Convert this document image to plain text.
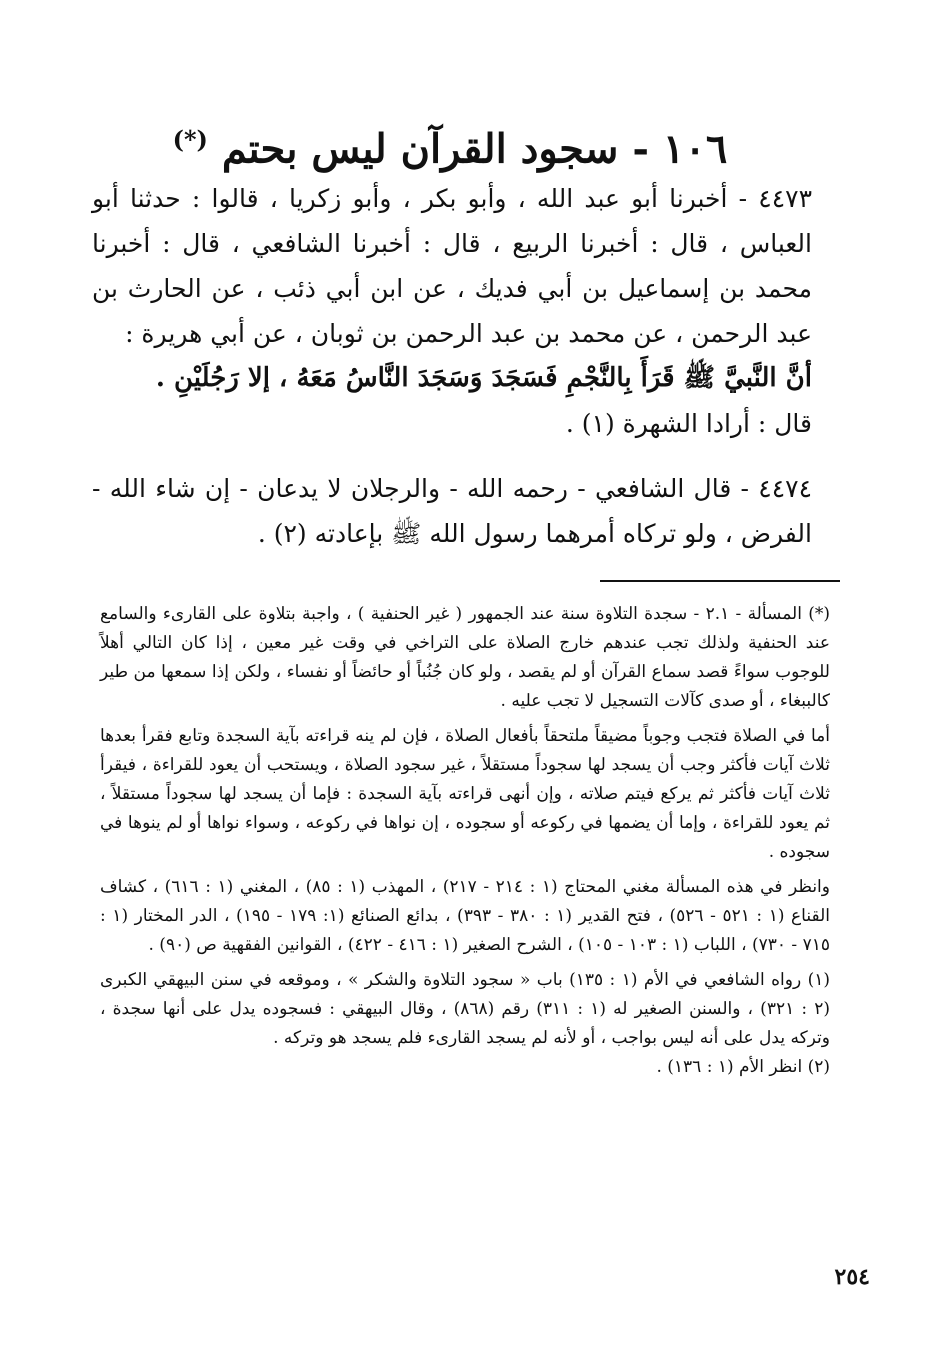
١٠٦ - سجود القرآن ليس بحتم (*)

٤٤٧٣ - أخبرنا أبو عبد الله ، وأبو بكر ، وأبو زكريا ، قالوا : حدثنا أبو العباس ، قال : أخبرنا الربيع ، قال : أخبرنا الشافعي ، قال : أخبرنا محمد بن إسماعيل بن أبي فديك ، عن ابن أبي ذئب ، عن الحارث بن عبد الرحمن ، عن محمد بن عبد الرحمن بن ثوبان ، عن أبي هريرة :

أنَّ النَّبيَّ ﷺ قَرَأَ بِالنَّجْمِ فَسَجَدَ وَسَجَدَ النَّاسُ مَعَهُ ، إلا رَجُلَيْنِ .

قال : أرادا الشهرة (١) .

٤٤٧٤ - قال الشافعي - رحمه الله - والرجلان لا يدعان - إن شاء الله - الفرض ، ولو تركاه أمرهما رسول الله ﷺ بإعادته (٢) .

(*) المسألة - ٢.١ - سجدة التلاوة سنة عند الجمهور ( غير الحنفية ) ، واجبة بتلاوة على القارىء والسامع عند الحنفية ولذلك تجب عندهم خارج الصلاة على التراخي في وقت غير معين ، إذا كان التالي أهلاً للوجوب سواءً قصد سماع القرآن أو لم يقصد ، ولو كان جُنُباً أو حائضاً أو نفساء ، ولكن إذا سمعها من طير كالببغاء ، أو صدى كآلات التسجيل لا تجب عليه .

أما في الصلاة فتجب وجوباً مضيقاً ملتحقاً بأفعال الصلاة ، فإن لم ينه قراءته بآية السجدة وتابع فقرأ بعدها ثلاث آيات فأكثر وجب أن يسجد لها سجوداً مستقلاً ، غير سجود الصلاة ، ويستحب أن يعود للقراءة ، فيقرأ ثلاث آيات فأكثر ثم يركع فيتم صلاته ، وإن أنهى قراءته بآية السجدة : فإما أن يسجد لها سجوداً مستقلاً ، ثم يعود للقراءة ، وإما أن يضمها في ركوعه أو سجوده ، إن نواها في ركوعه ، وسواء نواها أو لم ينوها في سجوده .

وانظر في هذه المسألة مغني المحتاج (١ : ٢١٤ - ٢١٧) ، المهذب (١ : ٨٥) ، المغني (١ : ٦١٦) ، كشاف القناع (١ : ٥٢١ - ٥٢٦) ، فتح القدير (١ : ٣٨٠ - ٣٩٣) ، بدائع الصنائع (١: ١٧٩ - ١٩٥) ، الدر المختار (١ : ٧١٥ - ٧٣٠) ، اللباب (١ : ١٠٣ - ١٠٥) ، الشرح الصغير (١ : ٤١٦ - ٤٢٢) ، القوانين الفقهية ص (٩٠) .

(١) رواه الشافعي في الأم (١ : ١٣٥) باب « سجود التلاوة والشكر » ، وموقعه في سنن البيهقي الكبرى (٢ : ٣٢١) ، والسنن الصغير له (١ : ٣١١) رقم (٨٦٨) ، وقال البيهقي : فسجوده يدل على أنها سجدة ، وتركه يدل على أنه ليس بواجب ، أو لأنه لم يسجد القارىء فلم يسجد هو وتركه .

(٢) انظر الأم (١ : ١٣٦) .

٢٥٤
